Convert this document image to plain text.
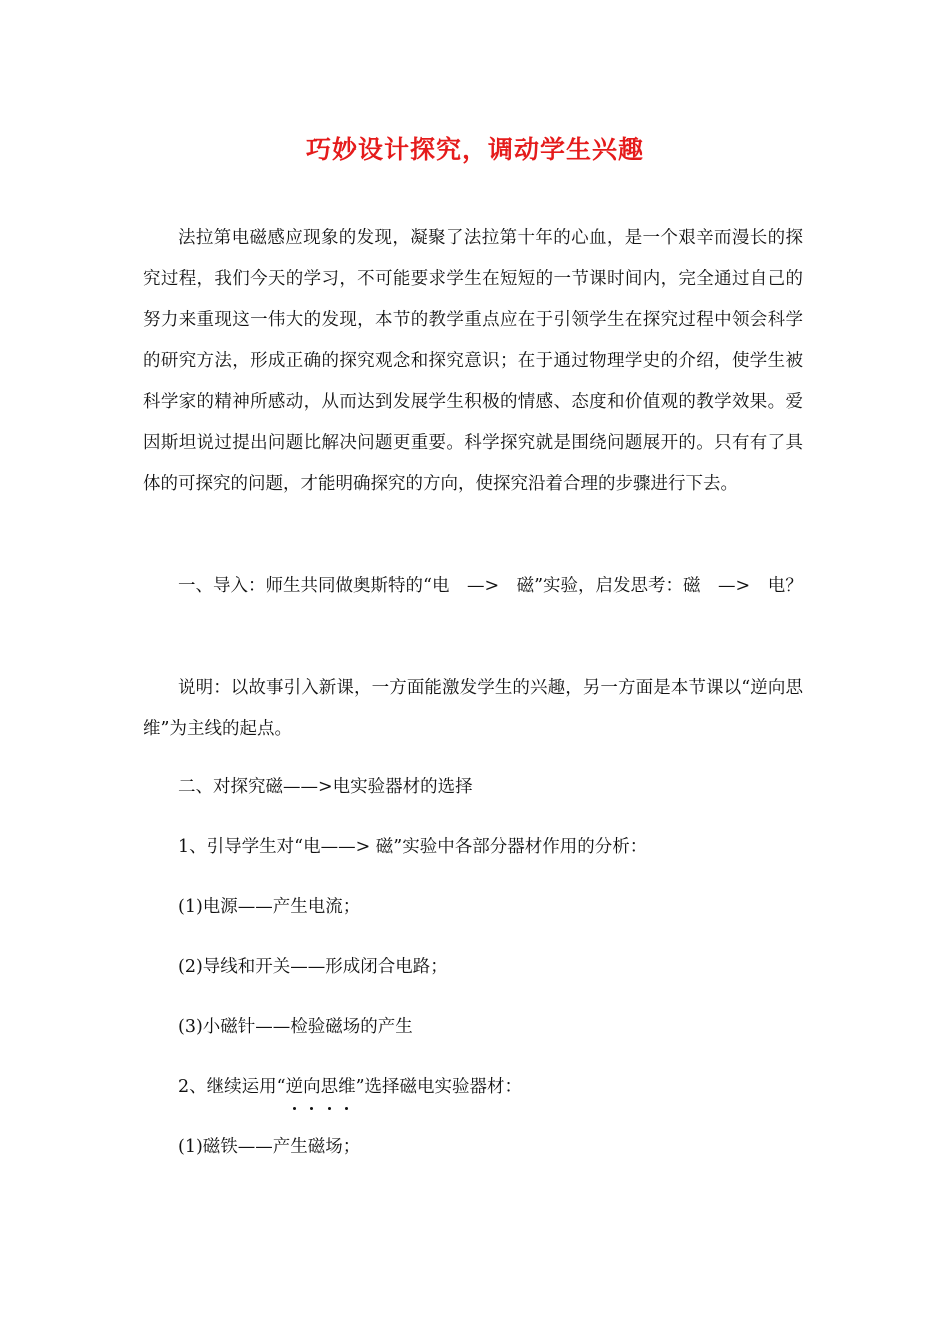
巧妙设计探究，调动学生兴趣
法拉第电磁感应现象的发现，凝聚了法拉第十年的心血，是一个艰辛而漫长的探究过程，我们今天的学习，不可能要求学生在短短的一节课时间内，完全通过自己的努力来重现这一伟大的发现，本节的教学重点应在于引领学生在探究过程中领会科学的研究方法，形成正确的探究观念和探究意识；在于通过物理学史的介绍，使学生被科学家的精神所感动，从而达到发展学生积极的情感、态度和价值观的教学效果。爱因斯坦说过提出问题比解决问题更重要。科学探究就是围绕问题展开的。只有有了具体的可探究的问题，才能明确探究的方向，使探究沿着合理的步骤进行下去。
一、导入：师生共同做奥斯特的“电　—>　磁”实验，启发思考：磁　—>　电？
说明：以故事引入新课，一方面能激发学生的兴趣，另一方面是本节课以“逆向思维”为主线的起点。
二、对探究磁——>电实验器材的选择
1、引导学生对“电——> 磁”实验中各部分器材作用的分析：
(1)电源——产生电流；
(2)导线和开关——形成闭合电路；
(3)小磁针——检验磁场的产生
2、继续运用“逆
向
思
维
”选择磁电实验器材：
(1)磁铁——产生磁场；
